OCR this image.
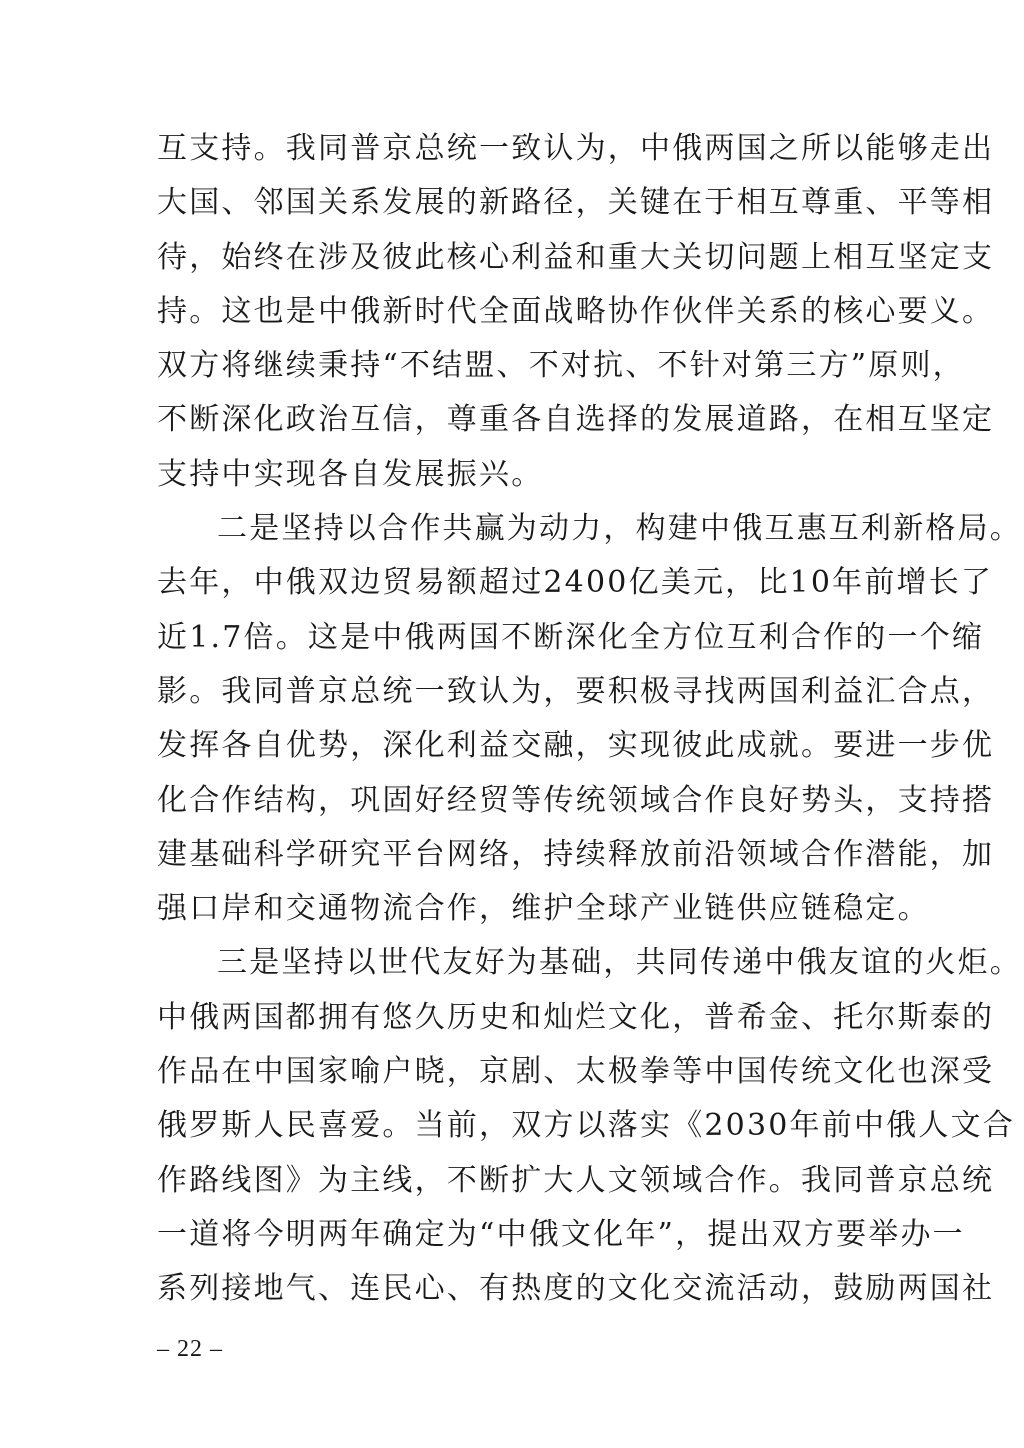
互支持。我同普京总统一致认为，中俄两国之所以能够走出
大国、邻国关系发展的新路径，关键在于相互尊重、平等相
待，始终在涉及彼此核心利益和重大关切问题上相互坚定支
持。这也是中俄新时代全面战略协作伙伴关系的核心要义。
双方将继续秉持“不结盟、不对抗、不针对第三方”原则，
不断深化政治互信，尊重各自选择的发展道路，在相互坚定
支持中实现各自发展振兴。
二是坚持以合作共赢为动力，构建中俄互惠互利新格局。
去年，中俄双边贸易额超过2400亿美元，比10年前增长了
近1.7倍。这是中俄两国不断深化全方位互利合作的一个缩
影。我同普京总统一致认为，要积极寻找两国利益汇合点，
发挥各自优势，深化利益交融，实现彼此成就。要进一步优
化合作结构，巩固好经贸等传统领域合作良好势头，支持搭
建基础科学研究平台网络，持续释放前沿领域合作潜能，加
强口岸和交通物流合作，维护全球产业链供应链稳定。
三是坚持以世代友好为基础，共同传递中俄友谊的火炬。
中俄两国都拥有悠久历史和灿烂文化，普希金、托尔斯泰的
作品在中国家喻户晓，京剧、太极拳等中国传统文化也深受
俄罗斯人民喜爱。当前，双方以落实《2030年前中俄人文合
作路线图》为主线，不断扩大人文领域合作。我同普京总统
一道将今明两年确定为“中俄文化年”，提出双方要举办一
系列接地气、连民心、有热度的文化交流活动，鼓励两国社
– 22 –
